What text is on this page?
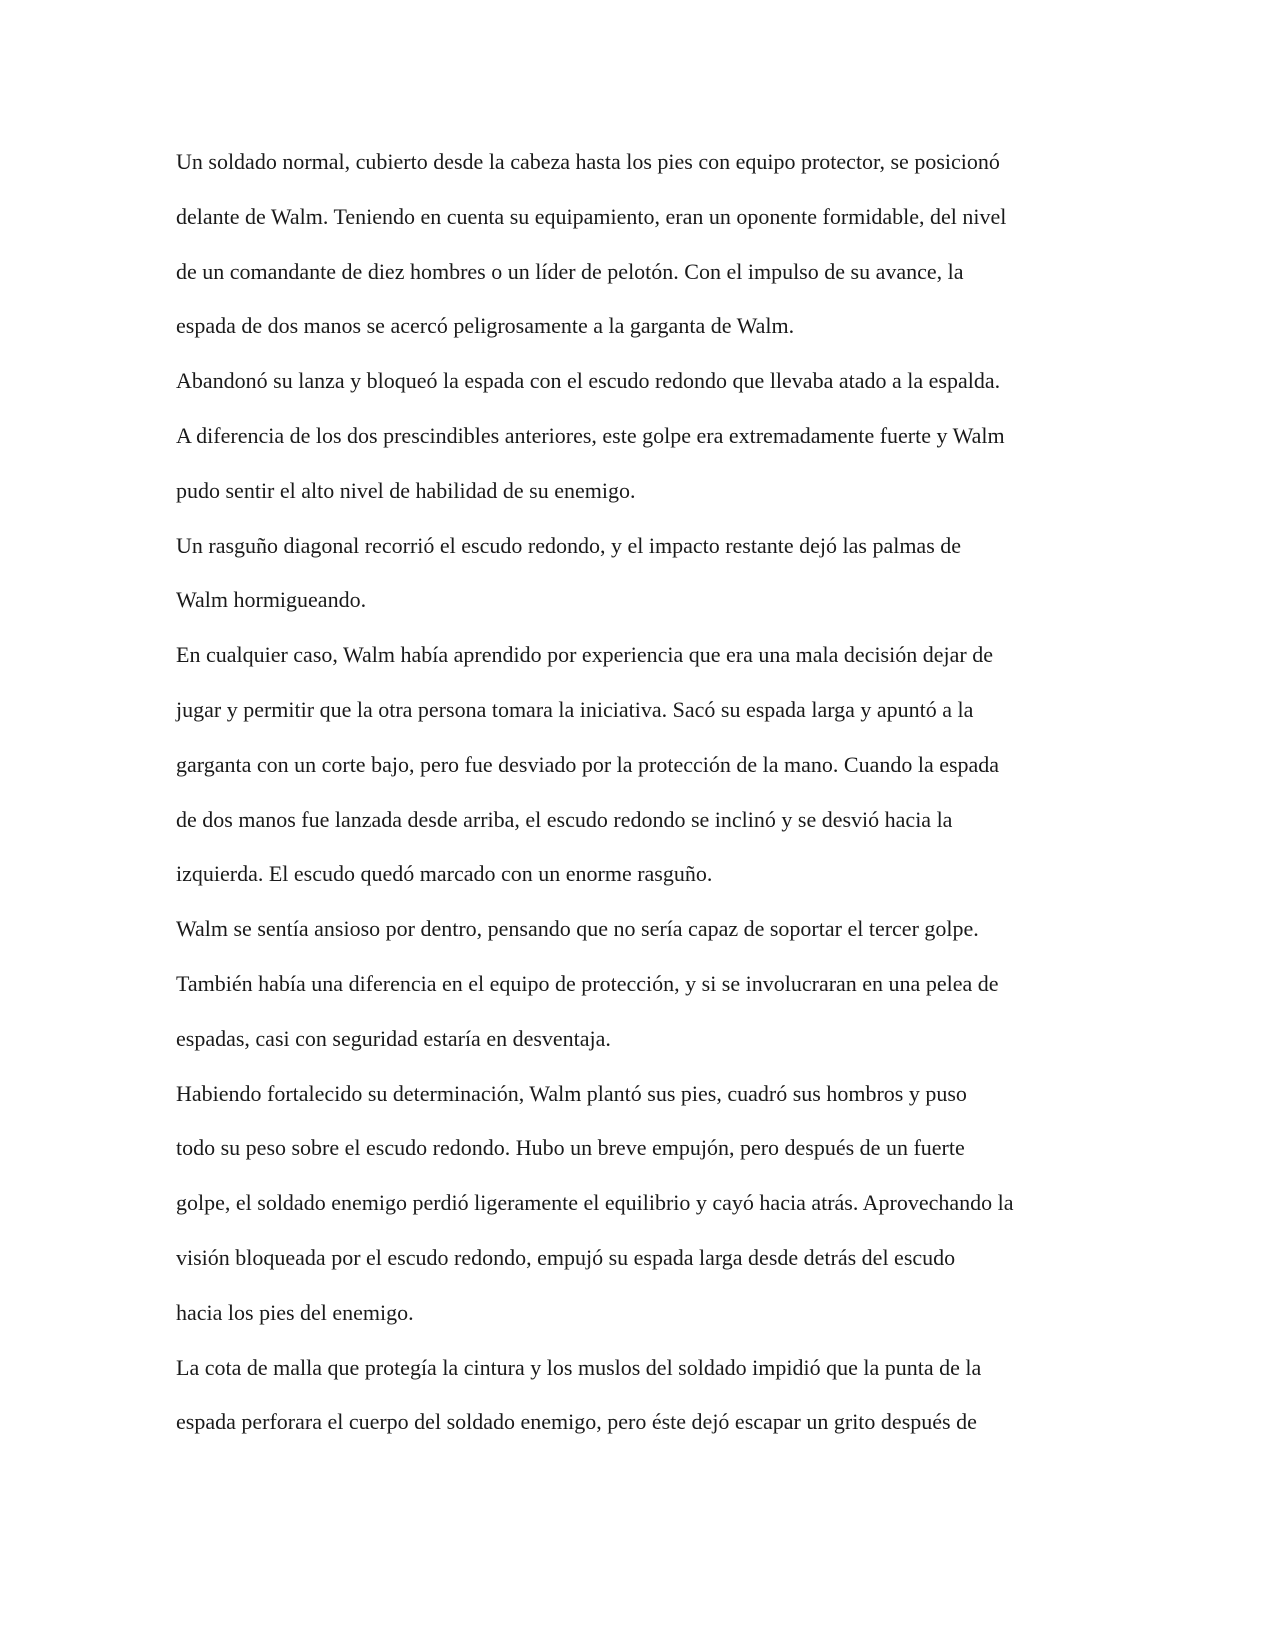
Un soldado normal, cubierto desde la cabeza hasta los pies con equipo protector, se posicionó
delante de Walm. Teniendo en cuenta su equipamiento, eran un oponente formidable, del nivel
de un comandante de diez hombres o un líder de pelotón. Con el impulso de su avance, la
espada de dos manos se acercó peligrosamente a la garganta de Walm.
Abandonó su lanza y bloqueó la espada con el escudo redondo que llevaba atado a la espalda.
A diferencia de los dos prescindibles anteriores, este golpe era extremadamente fuerte y Walm
pudo sentir el alto nivel de habilidad de su enemigo.
Un rasguño diagonal recorrió el escudo redondo, y el impacto restante dejó las palmas de
Walm hormigueando.
En cualquier caso, Walm había aprendido por experiencia que era una mala decisión dejar de
jugar y permitir que la otra persona tomara la iniciativa. Sacó su espada larga y apuntó a la
garganta con un corte bajo, pero fue desviado por la protección de la mano. Cuando la espada
de dos manos fue lanzada desde arriba, el escudo redondo se inclinó y se desvió hacia la
izquierda. El escudo quedó marcado con un enorme rasguño.
Walm se sentía ansioso por dentro, pensando que no sería capaz de soportar el tercer golpe.
También había una diferencia en el equipo de protección, y si se involucraran en una pelea de
espadas, casi con seguridad estaría en desventaja.
Habiendo fortalecido su determinación, Walm plantó sus pies, cuadró sus hombros y puso
todo su peso sobre el escudo redondo. Hubo un breve empujón, pero después de un fuerte
golpe, el soldado enemigo perdió ligeramente el equilibrio y cayó hacia atrás. Aprovechando la
visión bloqueada por el escudo redondo, empujó su espada larga desde detrás del escudo
hacia los pies del enemigo.
La cota de malla que protegía la cintura y los muslos del soldado impidió que la punta de la
espada perforara el cuerpo del soldado enemigo, pero éste dejó escapar un grito después de
